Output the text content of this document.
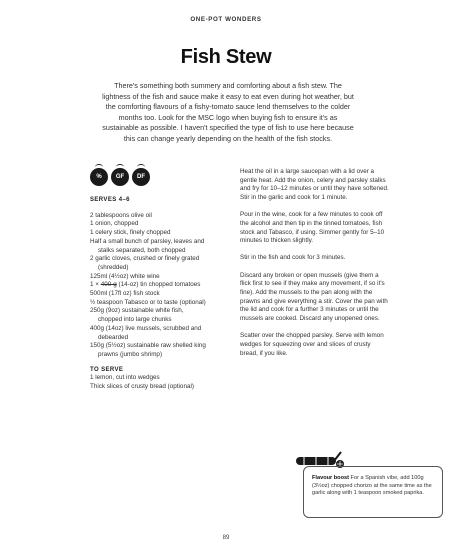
ONE-POT WONDERS
Fish Stew
There's something both summery and comforting about a fish stew. The lightness of the fish and sauce make it easy to eat even during hot weather, but the comforting flavours of a fishy-tomato sauce lend themselves to the colder months too. Look for the MSC logo when buying fish to ensure it's as sustainable as possible. I haven't specified the type of fish to use here because this can change yearly depending on the health of the fish stocks.
%	GF	DF
SERVES 4–6
2 tablespoons olive oil
1 onion, chopped
1 celery stick, finely chopped
Half a small bunch of parsley, leaves and
stalks separated, both chopped
2 garlic cloves, crushed or finely grated
(shredded)
125ml (4½oz) white wine
1 × 400-g (14-oz) tin chopped tomatoes
500ml (17fl oz) fish stock
½ teaspoon Tabasco or to taste (optional)
250g (9oz) sustainable white fish,
chopped into large chunks
400g (14oz) live mussels, scrubbed and
debearded
150g (5½oz) sustainable raw shelled king
prawns (jumbo shrimp)
TO SERVE
1 lemon, cut into wedges
Thick slices of crusty bread (optional)

Heat the oil in a large saucepan with a lid over a gentle heat. Add the onion, celery and parsley stalks and fry for 10–12 minutes or until they have softened. Stir in the garlic and cook for 1 minute.

Pour in the wine, cook for a few minutes to cook off the alcohol and then tip in the tinned tomatoes, fish stock and Tabasco, if using. Simmer gently for 5–10 minutes to thicken slightly.

Stir in the fish and cook for 3 minutes.

Discard any broken or open mussels (give them a flick first to see if they make any movement, if so it's fine). Add the mussels to the pan along with the prawns and give everything a stir. Cover the pan with the lid and cook for a further 3 minutes or until the mussels are cooked. Discard any unopened ones.

Scatter over the chopped parsley. Serve with lemon wedges for squeezing over and slices of crusty bread, if you like.

Flavour boost For a Spanish vibe, add 100g (3½oz) chopped chorizo at the same time as the garlic along with 1 teaspoon smoked paprika.
89
